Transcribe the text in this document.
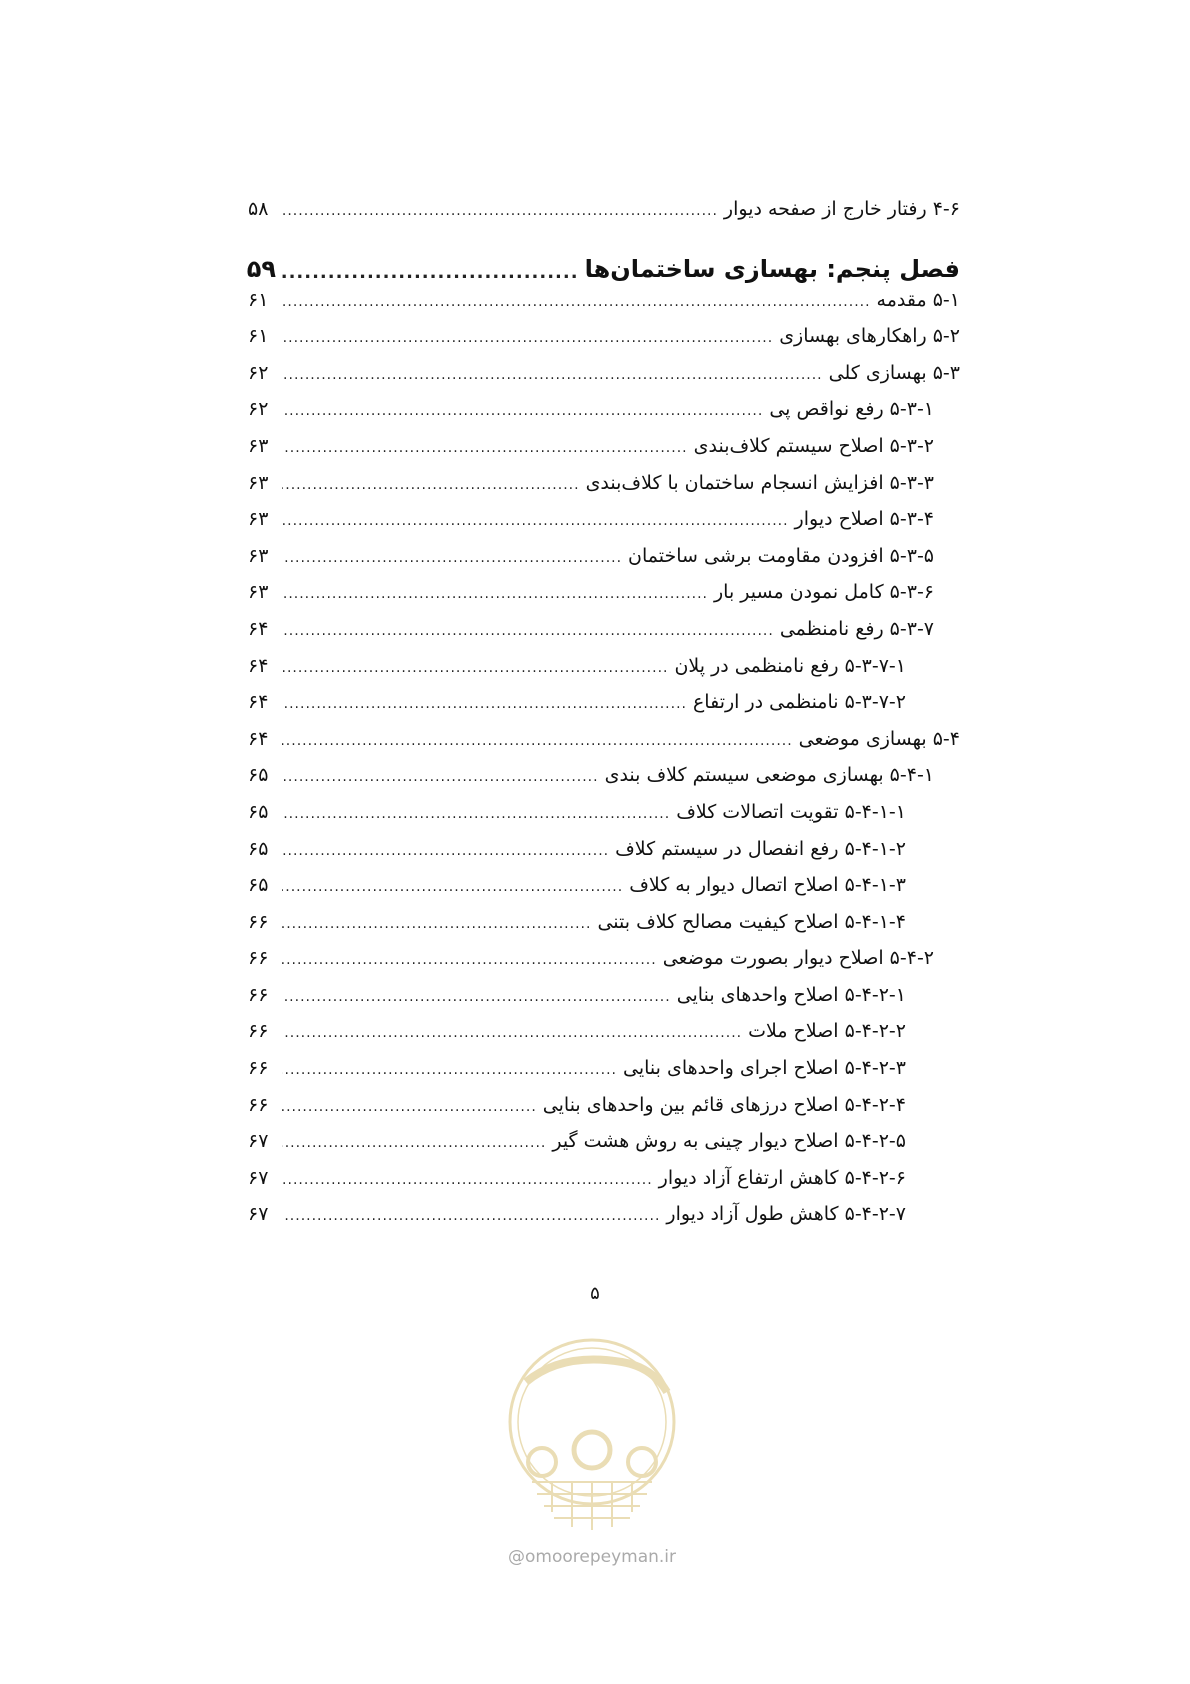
۴-۶ رفتار خارج از صفحه دیوار
.....
۵۸
فصل پنجم: بهسازی ساختمان‌ها
.....
۵۹
۵-۱ مقدمه
.....
۶۱
۵-۲ راهکارهای بهسازی
.....
۶۱
۵-۳ بهسازی کلی
.....
۶۲
۵-۳-۱ رفع نواقص پی
.....
۶۲
۵-۳-۲ اصلاح سیستم کلاف‌بندی
.....
۶۳
۵-۳-۳ افزایش انسجام ساختمان با کلاف‌بندی
.....
۶۳
۵-۳-۴ اصلاح دیوار
.....
۶۳
۵-۳-۵ افزودن مقاومت برشی ساختمان
.....
۶۳
۵-۳-۶ کامل نمودن مسیر بار
.....
۶۳
۵-۳-۷ رفع نامنظمی
.....
۶۴
۵-۳-۷-۱ رفع نامنظمی در پلان
.....
۶۴
۵-۳-۷-۲ نامنظمی در ارتفاع
.....
۶۴
۵-۴ بهسازی موضعی
.....
۶۴
۵-۴-۱ بهسازی موضعی سیستم کلاف بندی
.....
۶۵
۵-۴-۱-۱ تقویت اتصالات کلاف
.....
۶۵
۵-۴-۱-۲ رفع انفصال در سیستم کلاف
.....
۶۵
۵-۴-۱-۳ اصلاح اتصال دیوار به کلاف
.....
۶۵
۵-۴-۱-۴ اصلاح کیفیت مصالح کلاف بتنی
.....
۶۶
۵-۴-۲ اصلاح دیوار بصورت موضعی
.....
۶۶
۵-۴-۲-۱ اصلاح واحدهای بنایی
.....
۶۶
۵-۴-۲-۲ اصلاح ملات
.....
۶۶
۵-۴-۲-۳ اصلاح اجرای واحدهای بنایی
.....
۶۶
۵-۴-۲-۴ اصلاح درزهای قائم بین واحدهای بنایی
.....
۶۶
۵-۴-۲-۵ اصلاح دیوار چینی به روش هشت گیر
.....
۶۷
۵-۴-۲-۶ کاهش ارتفاع آزاد دیوار
.....
۶۷
۵-۴-۲-۷ کاهش طول آزاد دیوار
.....
۶۷
۵
@omoorepeyman.ir
